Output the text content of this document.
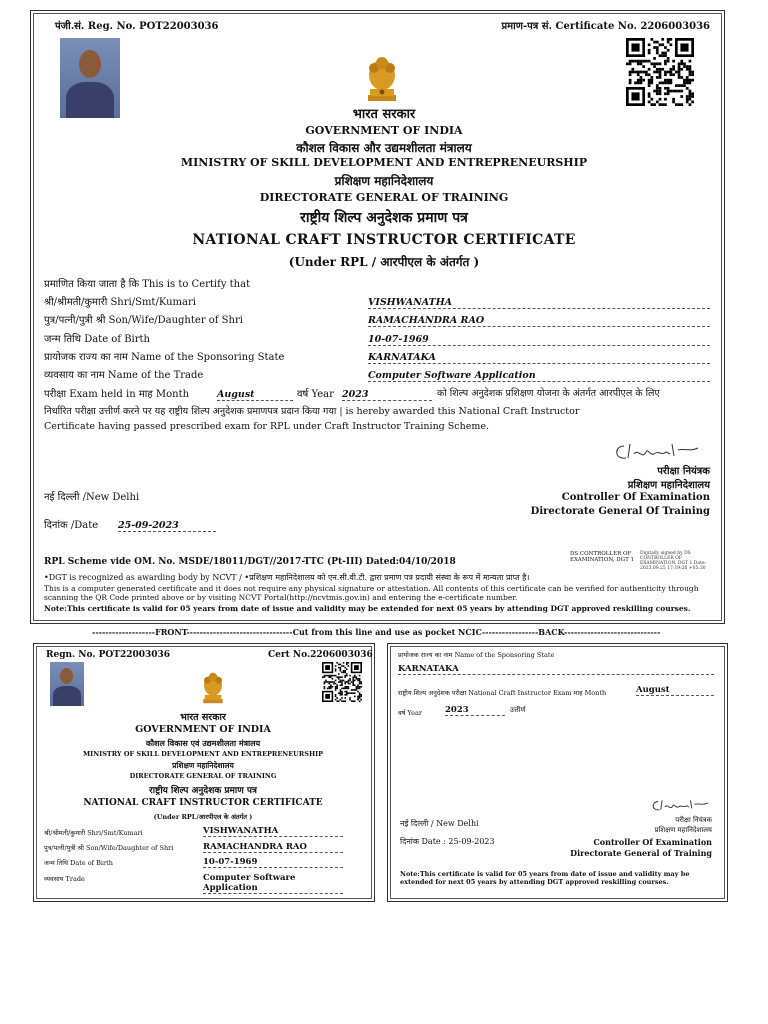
पंजी.सं. Reg. No. POT22003036	प्रमाण-पत्र सं. Certificate No. 2206003036
भारत सरकार
GOVERNMENT OF INDIA
कौशल विकास और उद्यमशीलता मंत्रालय
MINISTRY OF SKILL DEVELOPMENT AND ENTREPRENEURSHIP
प्रशिक्षण महानिदेशालय
DIRECTORATE GENERAL OF TRAINING
राष्ट्रीय शिल्प अनुदेशक प्रमाण पत्र
NATIONAL CRAFT INSTRUCTOR CERTIFICATE
(Under RPL / आरपीएल के अंतर्गत )
प्रमाणित किया जाता है कि This is to Certify that
श्री/श्रीमती/कुमारी Shri/Smt/Kumari	VISHWANATHA
पुत्र/पत्नी/पुत्री श्री Son/Wife/Daughter of Shri	RAMACHANDRA RAO
जन्म तिथि Date of Birth	10-07-1969
प्रायोजक राज्य का नाम Name of the Sponsoring State	KARNATAKA
व्यवसाय का नाम Name of the Trade	Computer Software Application
परीक्षा Exam held in माह Month	August	वर्ष Year 2023	को शिल्प अनुदेशक प्रशिक्षण योजना के अंतर्गत आरपीएल के लिए
निर्धारित परीक्षा उत्तीर्ण करने पर यह राष्ट्रीय शिल्प अनुदेशक प्रमाणपत्र प्रदान किया गया | is hereby awarded this National Craft Instructor
Certificate having passed prescribed exam for RPL under Craft Instructor Training Scheme.
परीक्षा नियंत्रक
प्रशिक्षण महानिदेशालय
Controller Of Examination
Directorate General Of Training
नई दिल्ली /New Delhi
दिनांक /Date 25-09-2023
RPL Scheme vide OM. No. MSDE/18011/DGT//2017-TTC (Pt-III) Dated:04/10/2018
DS CONTROLLER OF EXAMINATION, DGT 1
Digitally signed by DS CONTROLLER OF EXAMINATION, DGT 1 Date: 2023.09.25 17:19:26 +05:30
•DGT is recognized as awarding body by NCVT / •प्रशिक्षण महानिदेशालय को एन.सी.वी.टी. द्वारा प्रमाण पत्र प्रदायी संस्था के रूप में मान्यता प्राप्त है।
This is a computer generated certificate and it does not require any physical signature or attestation. All contents of this certificate can be verified for authenticity through scanning the QR Code printed above or by visiting NCVT Portal(http://ncvtmis.gov.in) and entering the e-certificate number.
Note:This certificate is valid for 05 years from date of issue and validity may be extended for next 05 years by attending DGT approved reskilling courses.
-------------------FRONT--------------------------------Cut from this line and use as pocket NCIC-----------------BACK-----------------------------
Regn. No. POT22003036	Cert No.2206003036
भारत सरकार
GOVERNMENT OF INDIA
कौशल विकास एवं उद्यमशीलता मंत्रालय
MINISTRY OF SKILL DEVELOPMENT AND ENTREPRENEURSHIP
प्रशिक्षण महानिदेशालय
DIRECTORATE GENERAL OF TRAINING
राष्ट्रीय शिल्प अनुदेशक प्रमाण पत्र
NATIONAL CRAFT INSTRUCTOR CERTIFICATE
(Under RPL/आरपीएल के अंतर्गत )
श्री/श्रीमती/कुमारी Shri/Smt/Kumari	VISHWANATHA
पुत्र/पत्नी/पुत्री श्री Son/Wife/Daughter of Shri	RAMACHANDRA RAO
जन्म तिथि Date of Birth	10-07-1969
व्यवसाय Trade	Computer Software Application
प्रायोजक राज्य का नाम Name of the Sponsoring State
KARNATAKA
राष्ट्रीय शिल्प अनुदेशक परीक्षा National Craft Instructor Exam माह Month	August
वर्ष Year	2023	उत्तीर्ण
नई दिल्ली / New Delhi
दिनांक Date : 25-09-2023
परीक्षा नियंत्रक
प्रशिक्षण महानिदेशालय
Controller Of Examination
Directorate General of Training
Note:This certificate is valid for 05 years from date of issue and validity may be extended for next 05 years by attending DGT approved reskilling courses.
